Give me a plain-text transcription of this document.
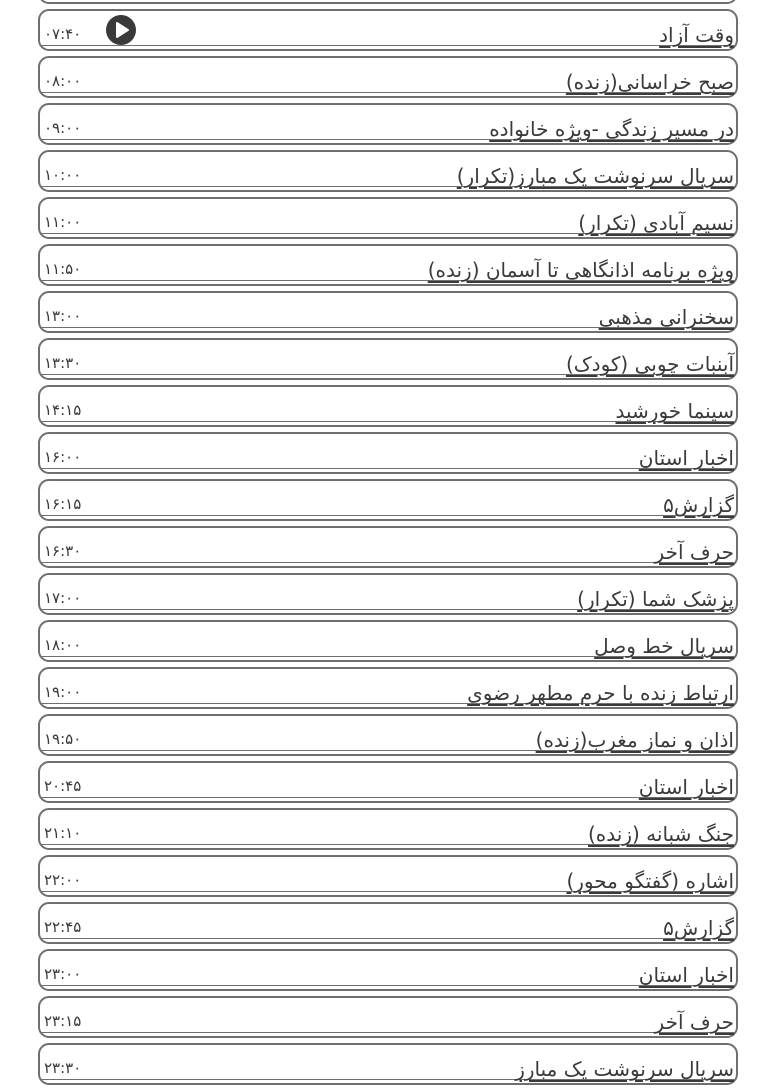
۰۷:۴۰	وقت آزاد
۰۸:۰۰	صبح خراسانی(زنده)
۰۹:۰۰	در مسیر زندگی -ویژه خانواده
۱۰:۰۰	سریال سرنوشت یک مبارز(تکرار)
۱۱:۰۰	نسیم آبادی (تکرار)
۱۱:۵۰	ویژه برنامه اذانگاهی تا آسمان (زنده)
۱۳:۰۰	سخنرانی مذهبی
۱۳:۳۰	آبنبات چوبی (کودک)
۱۴:۱۵	سینما خورشید
۱۶:۰۰	اخبار استان
۱۶:۱۵	گزارش۵
۱۶:۳۰	حرف آخر
۱۷:۰۰	پزشک شما (تکرار)
۱۸:۰۰	سریال خط وصل
۱۹:۰۰	ارتباط زنده با حرم مطهر رضوی
۱۹:۵۰	اذان و نماز مغرب(زنده)
۲۰:۴۵	اخبار استان
۲۱:۱۰	جنگ شبانه (زنده)
۲۲:۰۰	اشاره (گفتگو محور)
۲۲:۴۵	گزارش۵
۲۳:۰۰	اخبار استان
۲۳:۱۵	حرف آخر
۲۳:۳۰	سریال سرنوشت یک مبارز
